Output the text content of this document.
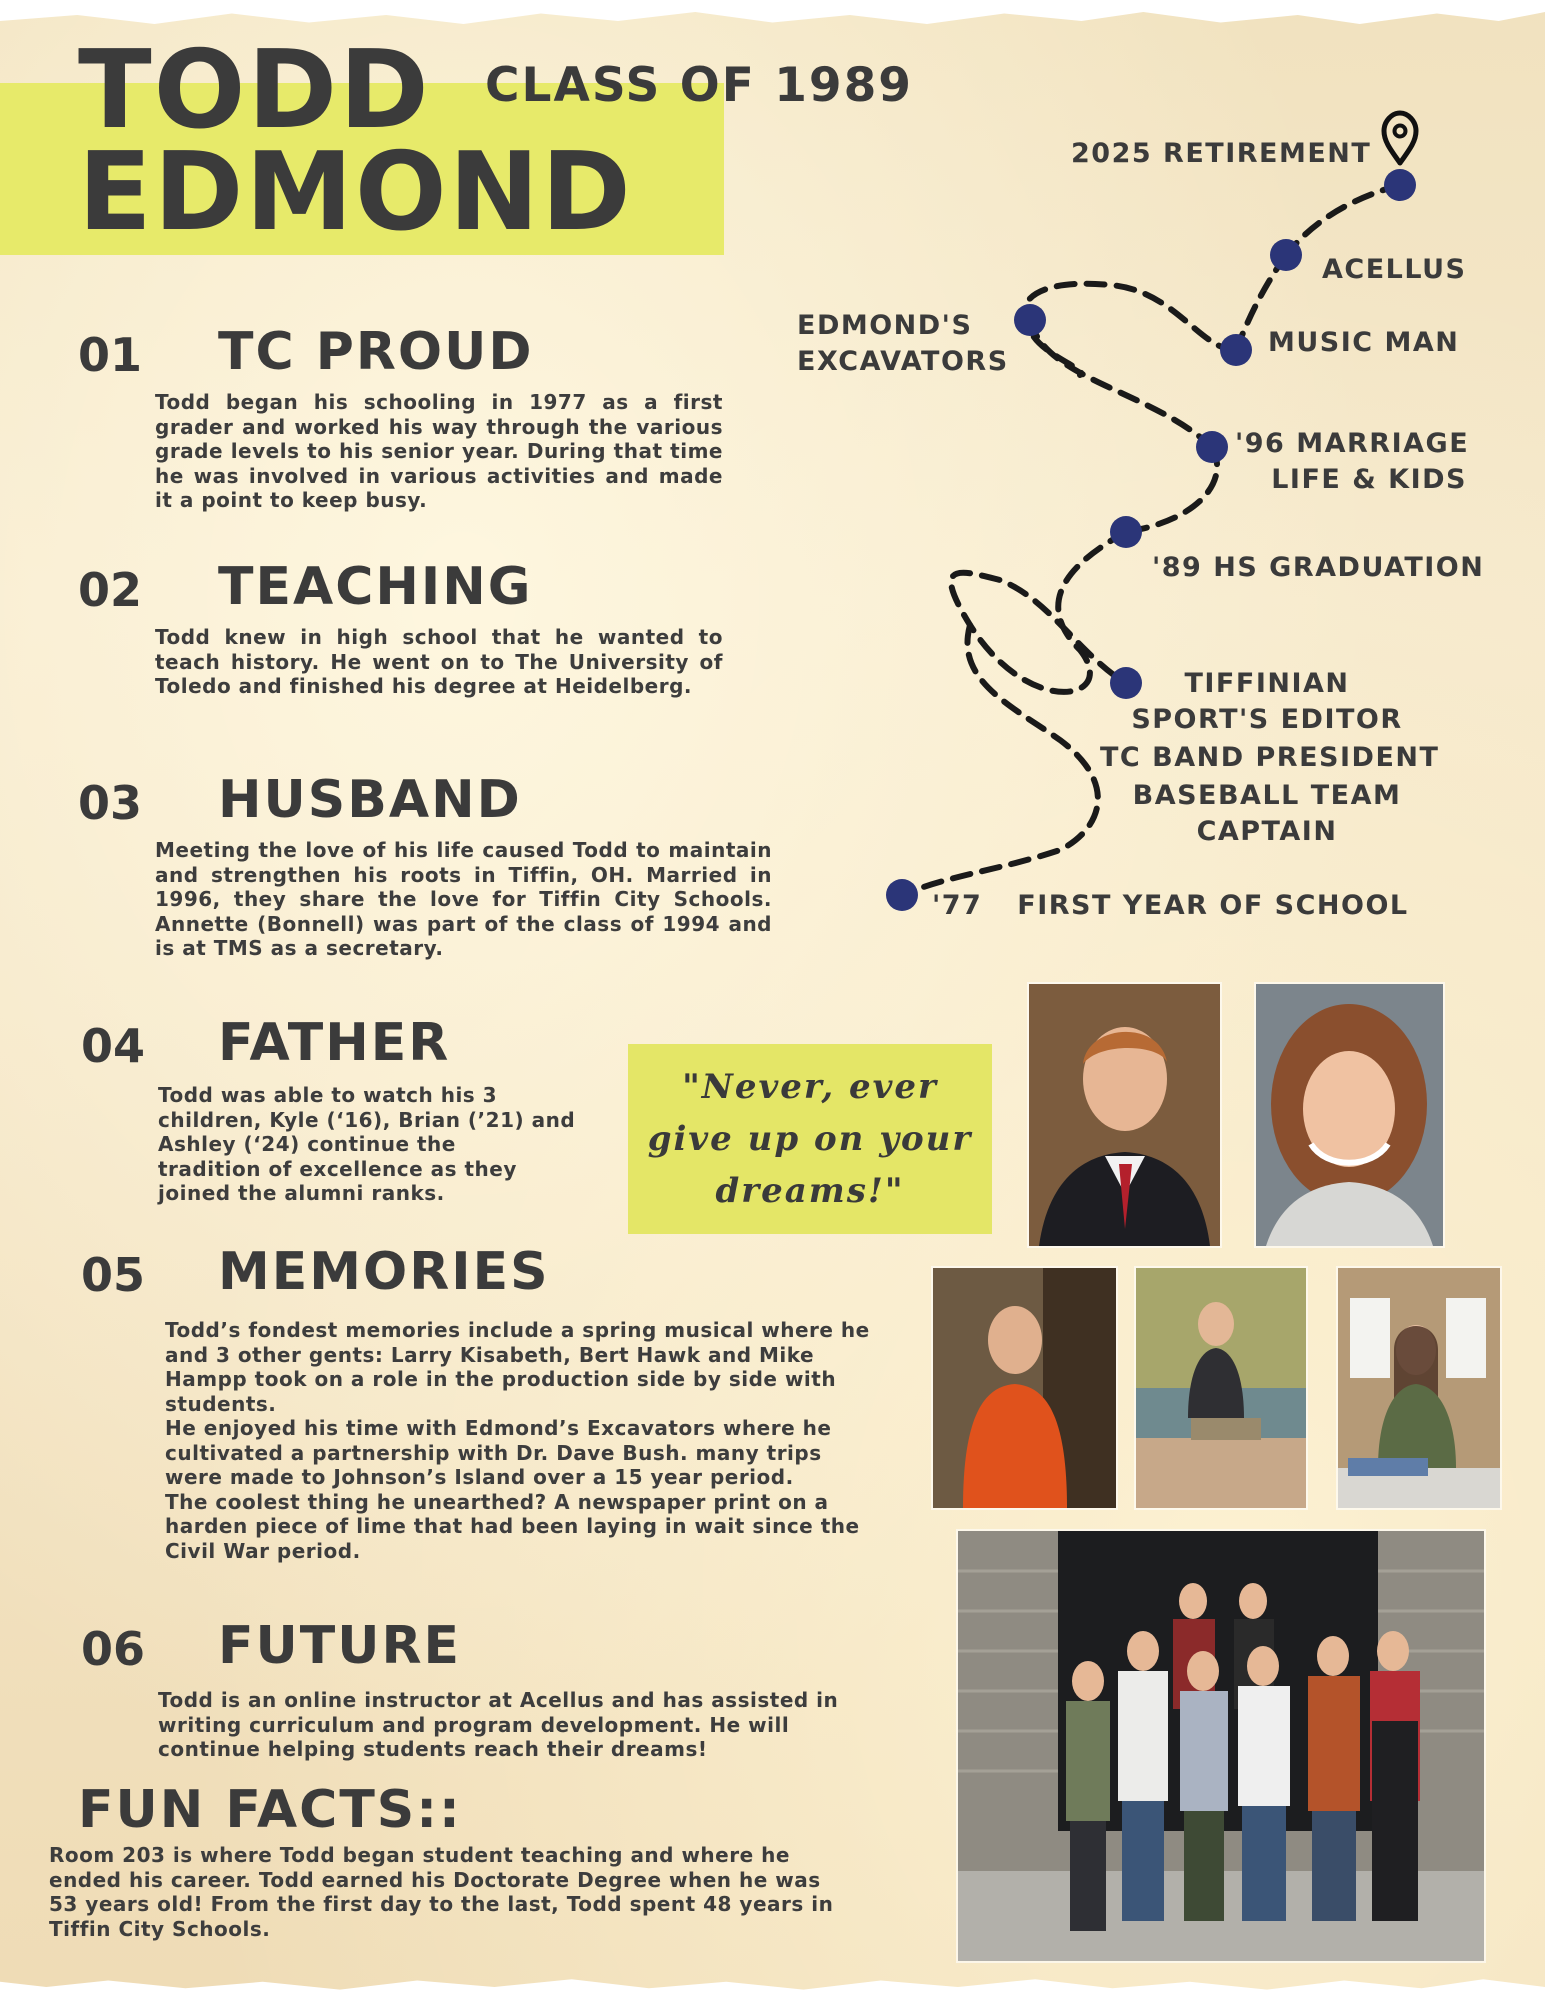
TODD
EDMOND
CLASS OF 1989
01 TC PROUD
Todd began his schooling in 1977 as a first grader and worked his way through the various grade levels to his senior year. During that time he was involved in various activities and made it a point to keep busy.
02 TEACHING
Todd knew in high school that he wanted to teach history. He went on to The University of Toledo and finished his degree at Heidelberg.
03 HUSBAND
Meeting the love of his life caused Todd to maintain and strengthen his roots in Tiffin, OH. Married in 1996, they share the love for Tiffin City Schools. Annette (Bonnell) was part of the class of 1994 and is at TMS as a secretary.
04 FATHER
Todd was able to watch his 3
children, Kyle (‘16), Brian (’21) and
Ashley (‘24) continue the
tradition of excellence as they
joined the alumni ranks.
05 MEMORIES
Todd’s fondest memories include a spring musical where he
and 3 other gents: Larry Kisabeth, Bert Hawk and Mike
Hampp took on a role in the production side by side with
students.
He enjoyed his time with Edmond’s Excavators where he
cultivated a partnership with Dr. Dave Bush. many trips
were made to Johnson’s Island over a 15 year period.
The coolest thing he unearthed? A newspaper print on a
harden piece of lime that had been laying in wait since the
Civil War period.
06 FUTURE
Todd is an online instructor at Acellus and has assisted in
writing curriculum and program development. He will
continue helping students reach their dreams!
FUN FACTS::
Room 203 is where Todd began student teaching and where he
ended his career. Todd earned his Doctorate Degree when he was
53 years old! From the first day to the last, Todd spent 48 years in
Tiffin City Schools.

"Never, ever
give up on your
dreams!"

2025 RETIREMENT
ACELLUS
EDMOND'S
EXCAVATORS
MUSIC MAN
'96 MARRIAGE
LIFE & KIDS
'89 HS GRADUATION
TIFFINIAN
SPORT'S EDITOR
TC BAND PRESIDENT
BASEBALL TEAM
CAPTAIN
'77 FIRST YEAR OF SCHOOL
